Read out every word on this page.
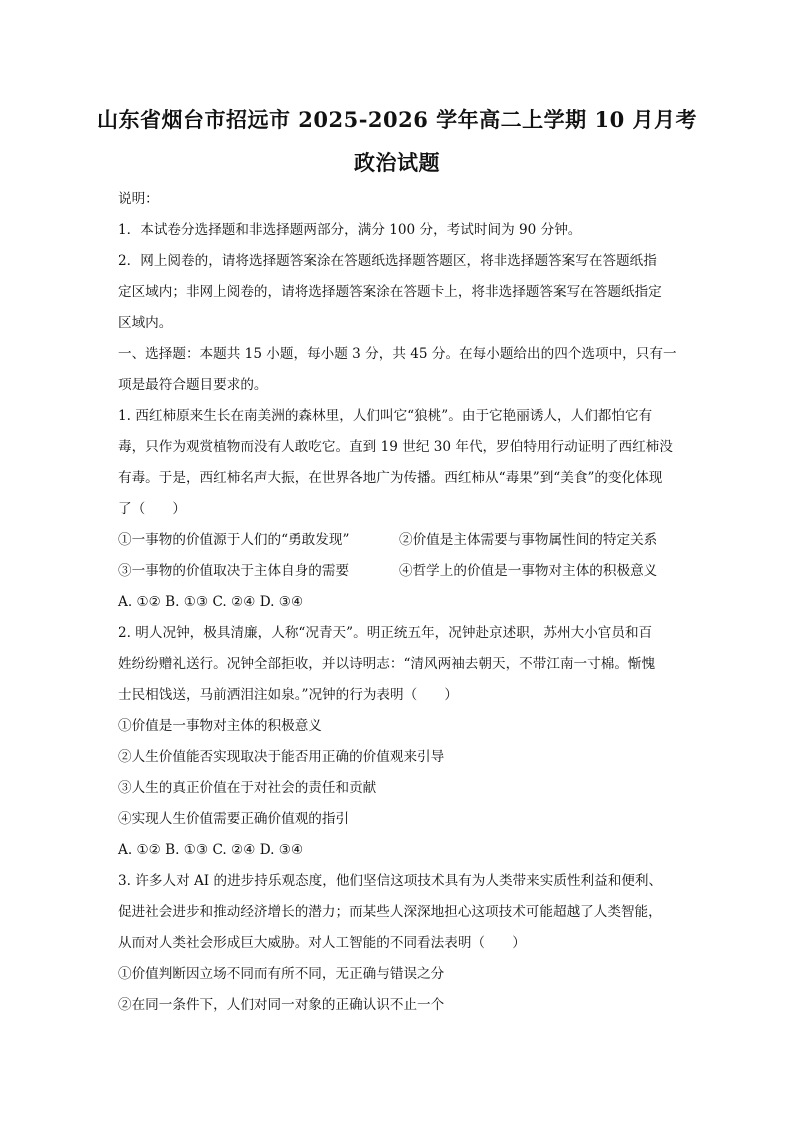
山东省烟台市招远市 2025-2026 学年高二上学期 10 月月考
政治试题
说明：
1．本试卷分选择题和非选择题两部分，满分 100 分，考试时间为 90 分钟。
2．网上阅卷的，请将选择题答案涂在答题纸选择题答题区，将非选择题答案写在答题纸指
定区域内；非网上阅卷的，请将选择题答案涂在答题卡上，将非选择题答案写在答题纸指定
区域内。
一、选择题：本题共 15 小题，每小题 3 分，共 45 分。在每小题给出的四个选项中，只有一
项是最符合题目要求的。
1. 西红柿原来生长在南美洲的森林里，人们叫它“狼桃”。由于它艳丽诱人，人们都怕它有
毒，只作为观赏植物而没有人敢吃它。直到 19 世纪 30 年代，罗伯特用行动证明了西红柿没
有毒。于是，西红柿名声大振，在世界各地广为传播。西红柿从“毒果”到“美食”的变化体现
了（　　）
①一事物的价值源于人们的“勇敢发现”	②价值是主体需要与事物属性间的特定关系
③一事物的价值取决于主体自身的需要	④哲学上的价值是一事物对主体的积极意义
A. ①② B. ①③ C. ②④ D. ③④
2. 明人况钟，极具清廉，人称“况青天”。明正统五年，况钟赴京述职，苏州大小官员和百
姓纷纷赠礼送行。况钟全部拒收，并以诗明志：“清风两袖去朝天，不带江南一寸棉。惭愧
士民相饯送，马前洒泪注如泉。”况钟的行为表明（　　）
①价值是一事物对主体的积极意义
②人生价值能否实现取决于能否用正确的价值观来引导
③人生的真正价值在于对社会的责任和贡献
④实现人生价值需要正确价值观的指引
A. ①② B. ①③ C. ②④ D. ③④
3. 许多人对 AI 的进步持乐观态度，他们坚信这项技术具有为人类带来实质性利益和便利、
促进社会进步和推动经济增长的潜力；而某些人深深地担心这项技术可能超越了人类智能，
从而对人类社会形成巨大威胁。对人工智能的不同看法表明（　　）
①价值判断因立场不同而有所不同，无正确与错误之分
②在同一条件下，人们对同一对象的正确认识不止一个
